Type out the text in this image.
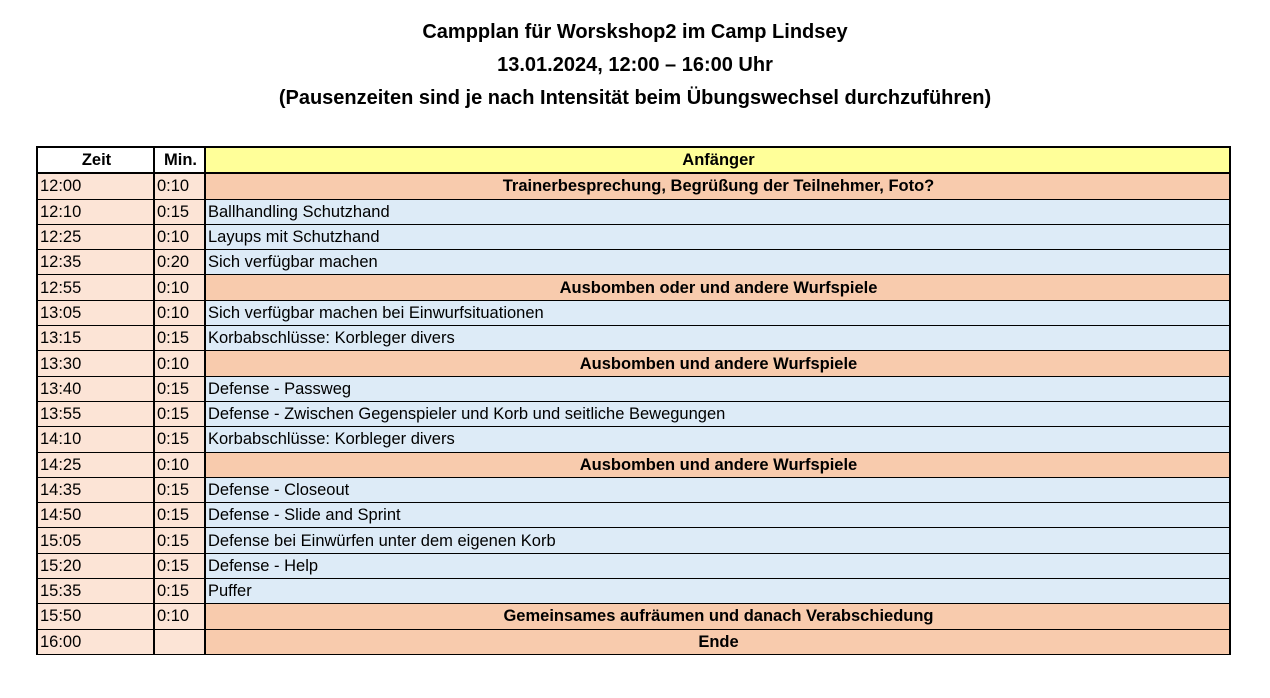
Campplan für Worskshop2 im Camp Lindsey
13.01.2024, 12:00 – 16:00 Uhr
(Pausenzeiten sind je nach Intensität beim Übungswechsel durchzuführen)
Zeit	Min.	Anfänger
12:00	0:10	Trainerbesprechung, Begrüßung der Teilnehmer, Foto?
12:10	0:15	Ballhandling Schutzhand
12:25	0:10	Layups mit Schutzhand
12:35	0:20	Sich verfügbar machen
12:55	0:10	Ausbomben oder und andere Wurfspiele
13:05	0:10	Sich verfügbar machen bei Einwurfsituationen
13:15	0:15	Korbabschlüsse: Korbleger divers
13:30	0:10	Ausbomben und andere Wurfspiele
13:40	0:15	Defense - Passweg
13:55	0:15	Defense - Zwischen Gegenspieler und Korb und seitliche Bewegungen
14:10	0:15	Korbabschlüsse: Korbleger divers
14:25	0:10	Ausbomben und andere Wurfspiele
14:35	0:15	Defense - Closeout
14:50	0:15	Defense - Slide and Sprint
15:05	0:15	Defense bei Einwürfen unter dem eigenen Korb
15:20	0:15	Defense - Help
15:35	0:15	Puffer
15:50	0:10	Gemeinsames aufräumen und danach Verabschiedung
16:00		Ende
